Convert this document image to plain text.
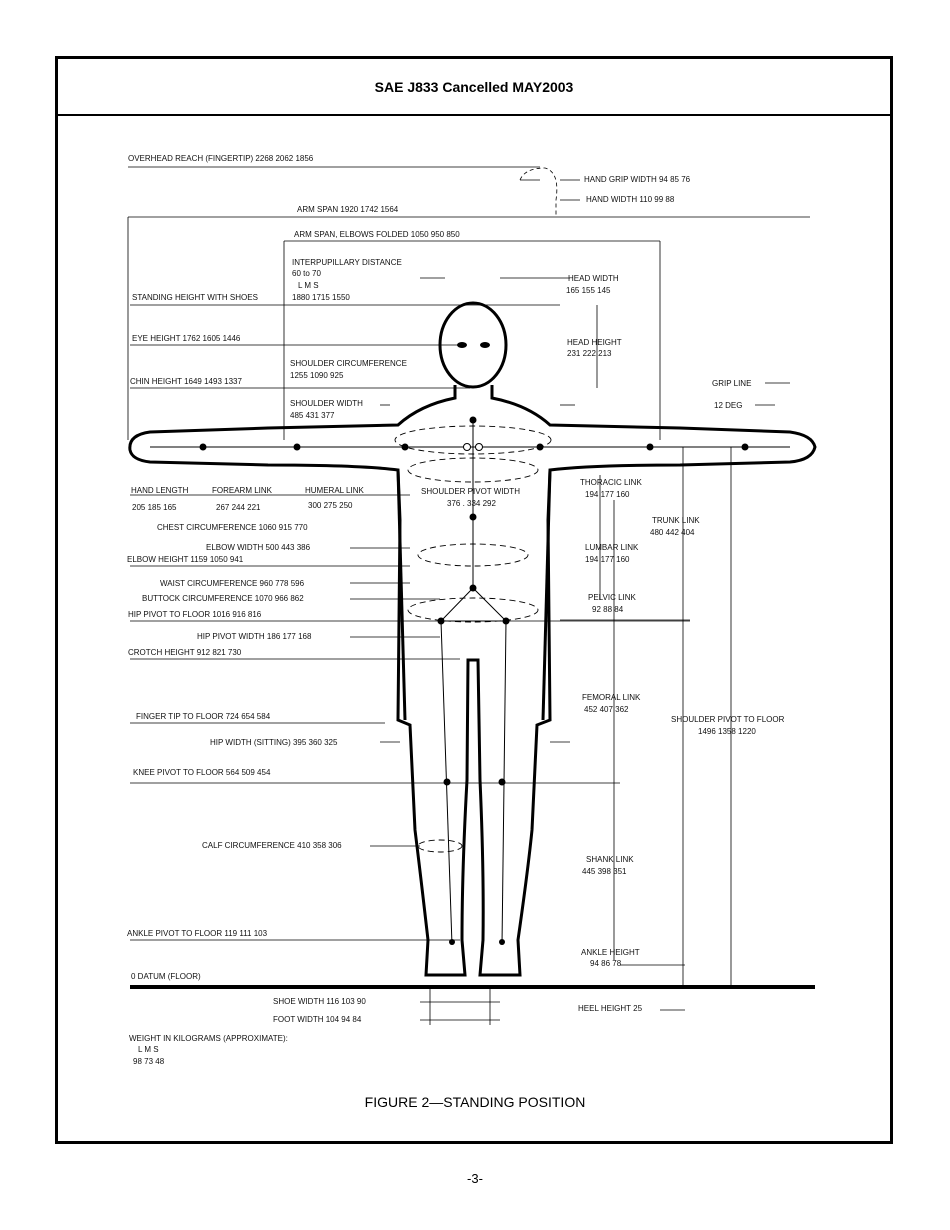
SAE J833 Cancelled MAY2003
OVERHEAD REACH (FINGERTIP) 2268 2062 1856
HAND GRIP WIDTH 94 85 76
HAND WIDTH 110 99 88
ARM SPAN 1920 1742 1564
ARM SPAN, ELBOWS FOLDED 1050 950 850
INTERPUPILLARY DISTANCE
60 to 70
L M S
STANDING HEIGHT WITH SHOES	1880 1715 1550
HEAD WIDTH
165 155 145
EYE HEIGHT 1762 1605 1446	HEAD HEIGHT
231 222 213
SHOULDER CIRCUMFERENCE
1255 1090 925
CHIN HEIGHT 1649 1493 1337	GRIP LINE
12 DEG
SHOULDER WIDTH
485 431 377
HAND LENGTH
205 185 165
FOREARM LINK
267 244 221
HUMERAL LINK
300 275 250
SHOULDER PIVOT WIDTH
376 . 334 292
THORACIC LINK
194 177 160
TRUNK LINK
480 442 404
CHEST CIRCUMFERENCE 1060 915 770
ELBOW WIDTH 500 443 386
ELBOW HEIGHT 1159 1050 941
LUMBAR LINK
194 177 160
WAIST CIRCUMFERENCE 960 778 596
BUTTOCK CIRCUMFERENCE 1070 966 862	PELVIC LINK
92 88 84
HIP PIVOT TO FLOOR 1016 916 816
HIP PIVOT WIDTH 186 177 168
CROTCH HEIGHT 912 821 730
FEMORAL LINK
452 407 362
SHOULDER PIVOT TO FLOOR
1496 1358 1220
FINGER TIP TO FLOOR 724 654 584
HIP WIDTH (SITTING) 395 360 325
KNEE PIVOT TO FLOOR 564 509 454
CALF CIRCUMFERENCE 410 358 306
SHANK LINK
445 398 351
ANKLE PIVOT TO FLOOR 119 111 103
ANKLE HEIGHT
94 86 78
0 DATUM (FLOOR)
SHOE WIDTH 116 103 90
FOOT WIDTH 104 94 84
HEEL HEIGHT 25
WEIGHT IN KILOGRAMS (APPROXIMATE):
L M S
98 73 48
FIGURE 2—STANDING POSITION
-3-
